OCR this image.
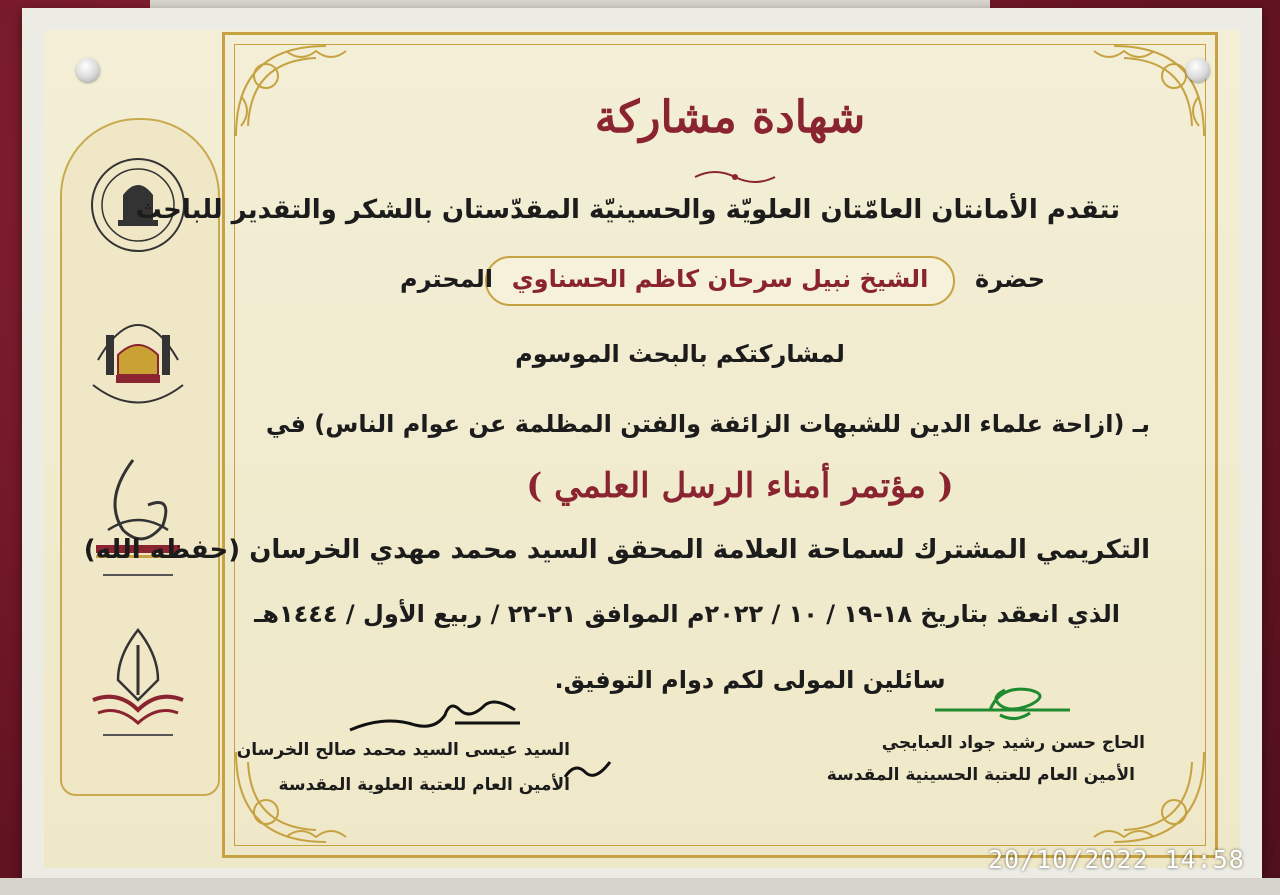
شهادة مشاركة
تتقدم الأمانتان العامّتان العلويّة والحسينيّة المقدّستان بالشكر والتقدير للباحث
حضرة
الشيخ نبيل سرحان كاظم الحسناوي
المحترم
لمشاركتكم بالبحث الموسوم
بـ (ازاحة علماء الدين للشبهات الزائفة والفتن المظلمة عن عوام الناس) في
( مؤتمر أمناء الرسل العلمي )
التكريمي المشترك لسماحة العلامة المحقق السيد محمد مهدي الخرسان (حفظه الله)
الذي انعقد بتاريخ ١٨-١٩ / ١٠ / ٢٠٢٢م الموافق ٢١-٢٢ / ربيع الأول / ١٤٤٤هـ
سائلين المولى لكم دوام التوفيق.
الحاج حسن رشيد جواد العبايجي
الأمين العام للعتبة الحسينية المقدسة
السيد عيسى السيد محمد صالح الخرسان
الأمين العام للعتبة العلوية المقدسة
20/10/2022 14:58
